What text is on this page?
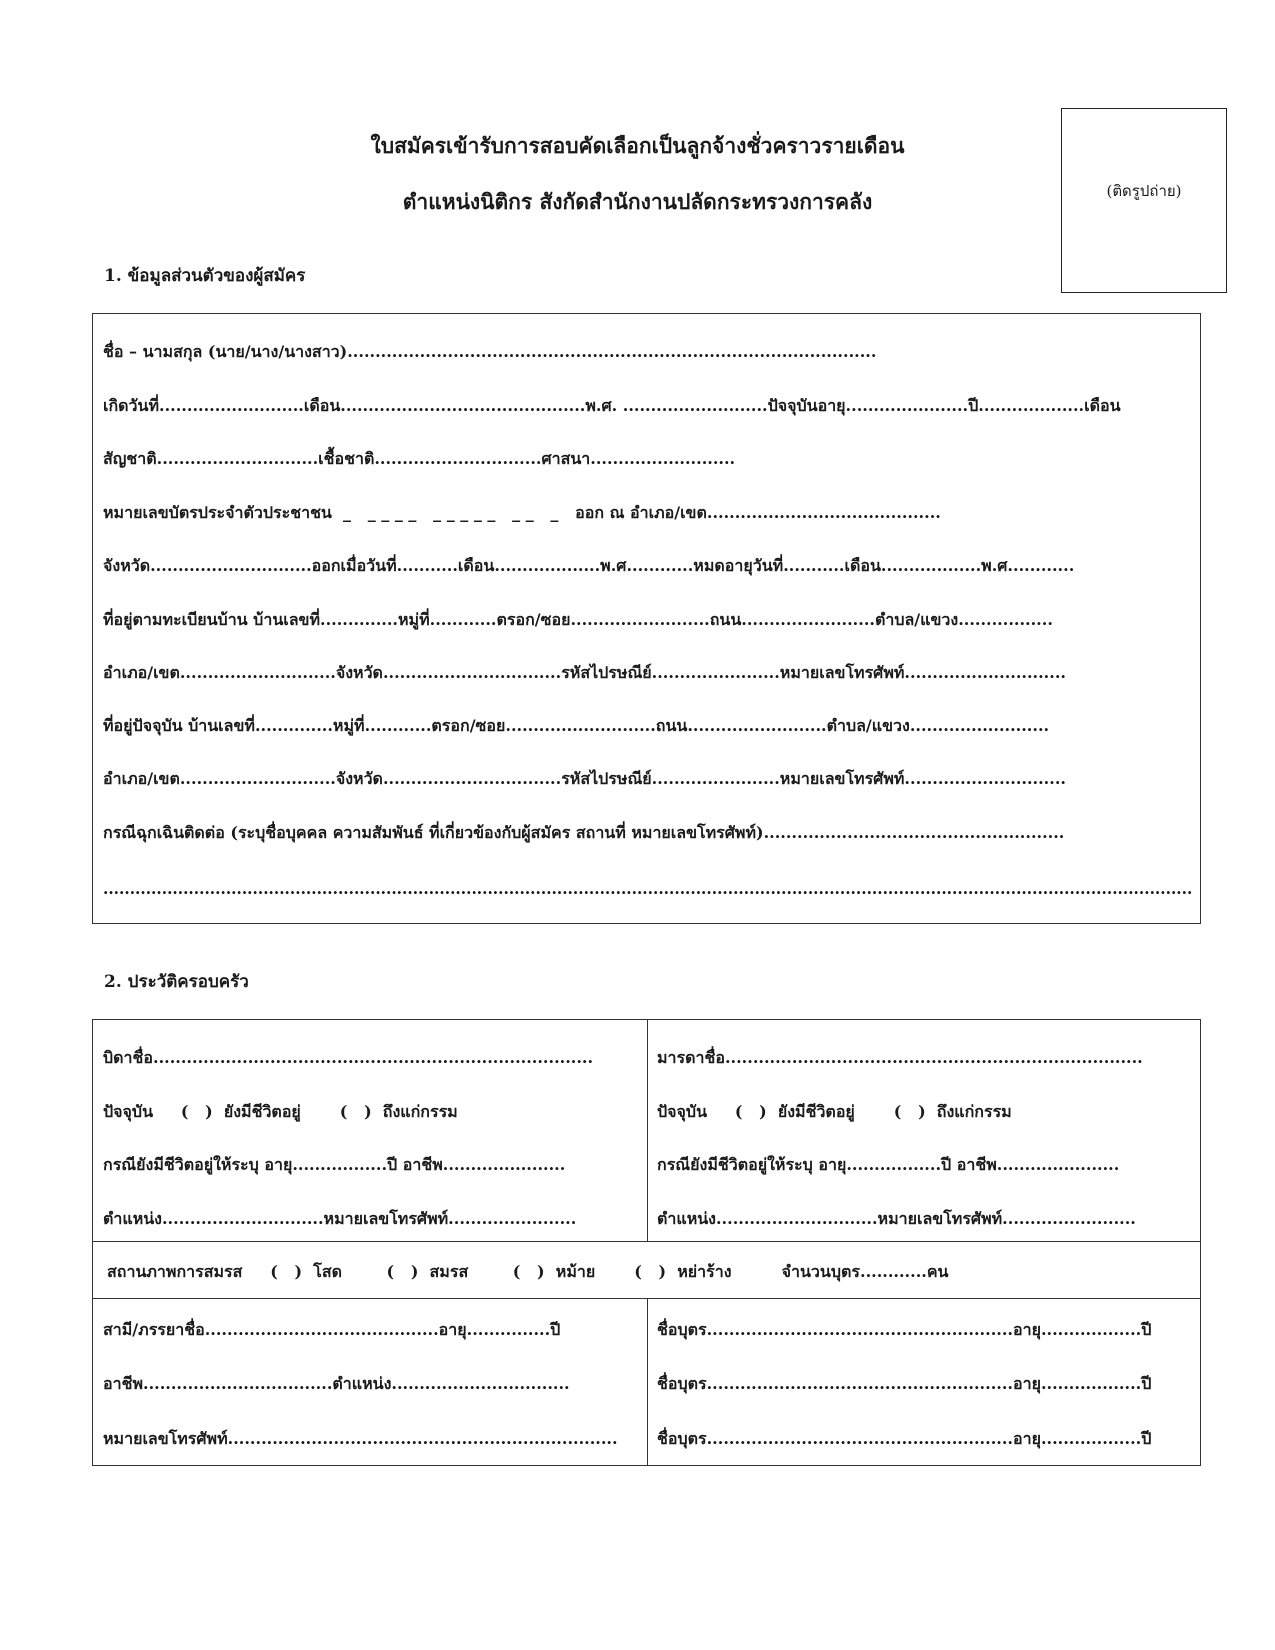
ใบสมัครเข้ารับการสอบคัดเลือกเป็นลูกจ้างชั่วคราวรายเดือน
ตำแหน่งนิติกร สังกัดสำนักงานปลัดกระทรวงการคลัง	(ติดรูปถ่าย)
1. ข้อมูลส่วนตัวของผู้สมัคร
ชื่อ – นามสกุล (นาย/นาง/นางสาว)...............................................................................................
เกิดวันที่..........................เดือน............................................พ.ศ. ..........................ปัจจุบันอายุ......................ปี...................เดือน
สัญชาติ.............................เชื้อชาติ..............................ศาสนา..........................
หมายเลขบัตรประจำตัวประชาชน  _   _ _ _ _   _ _ _ _ _   _ _   _   ออก ณ อำเภอ/เขต..........................................
จังหวัด.............................ออกเมื่อวันที่...........เดือน...................พ.ศ............หมดอายุวันที่...........เดือน..................พ.ศ............
ที่อยู่ตามทะเบียนบ้าน บ้านเลขที่..............หมู่ที่............ตรอก/ซอย.........................ถนน........................ตำบล/แขวง.................
อำเภอ/เขต............................จังหวัด................................รหัสไปรษณีย์.......................หมายเลขโทรศัพท์.............................
ที่อยู่ปัจจุบัน บ้านเลขที่..............หมู่ที่............ตรอก/ซอย...........................ถนน.........................ตำบล/แขวง.........................
อำเภอ/เขต............................จังหวัด................................รหัสไปรษณีย์.......................หมายเลขโทรศัพท์.............................
กรณีฉุกเฉินติดต่อ (ระบุชื่อบุคคล ความสัมพันธ์ ที่เกี่ยวข้องกับผู้สมัคร สถานที่ หมายเลขโทรศัพท์)......................................................
............................................................................................................................................................................................................
2. ประวัติครอบครัว
บิดาชื่อ...............................................................................
ปัจจุบัน     (   )  ยังมีชีวิตอยู่       (   )  ถึงแก่กรรม
กรณียังมีชีวิตอยู่ให้ระบุ อายุ.................ปี อาชีพ......................
ตำแหน่ง.............................หมายเลขโทรศัพท์.......................
มารดาชื่อ...........................................................................
ปัจจุบัน     (   )  ยังมีชีวิตอยู่       (   )  ถึงแก่กรรม
กรณียังมีชีวิตอยู่ให้ระบุ อายุ.................ปี อาชีพ......................
ตำแหน่ง.............................หมายเลขโทรศัพท์........................
สถานภาพการสมรส     (   )  โสด        (   )  สมรส        (   )  หม้าย       (   )  หย่าร้าง         จำนวนบุตร............คน
สามี/ภรรยาชื่อ..........................................อายุ...............ปี
อาชีพ..................................ตำแหน่ง................................
หมายเลขโทรศัพท์......................................................................
ชื่อบุตร.......................................................อายุ..................ปี
ชื่อบุตร.......................................................อายุ..................ปี
ชื่อบุตร.......................................................อายุ..................ปี
